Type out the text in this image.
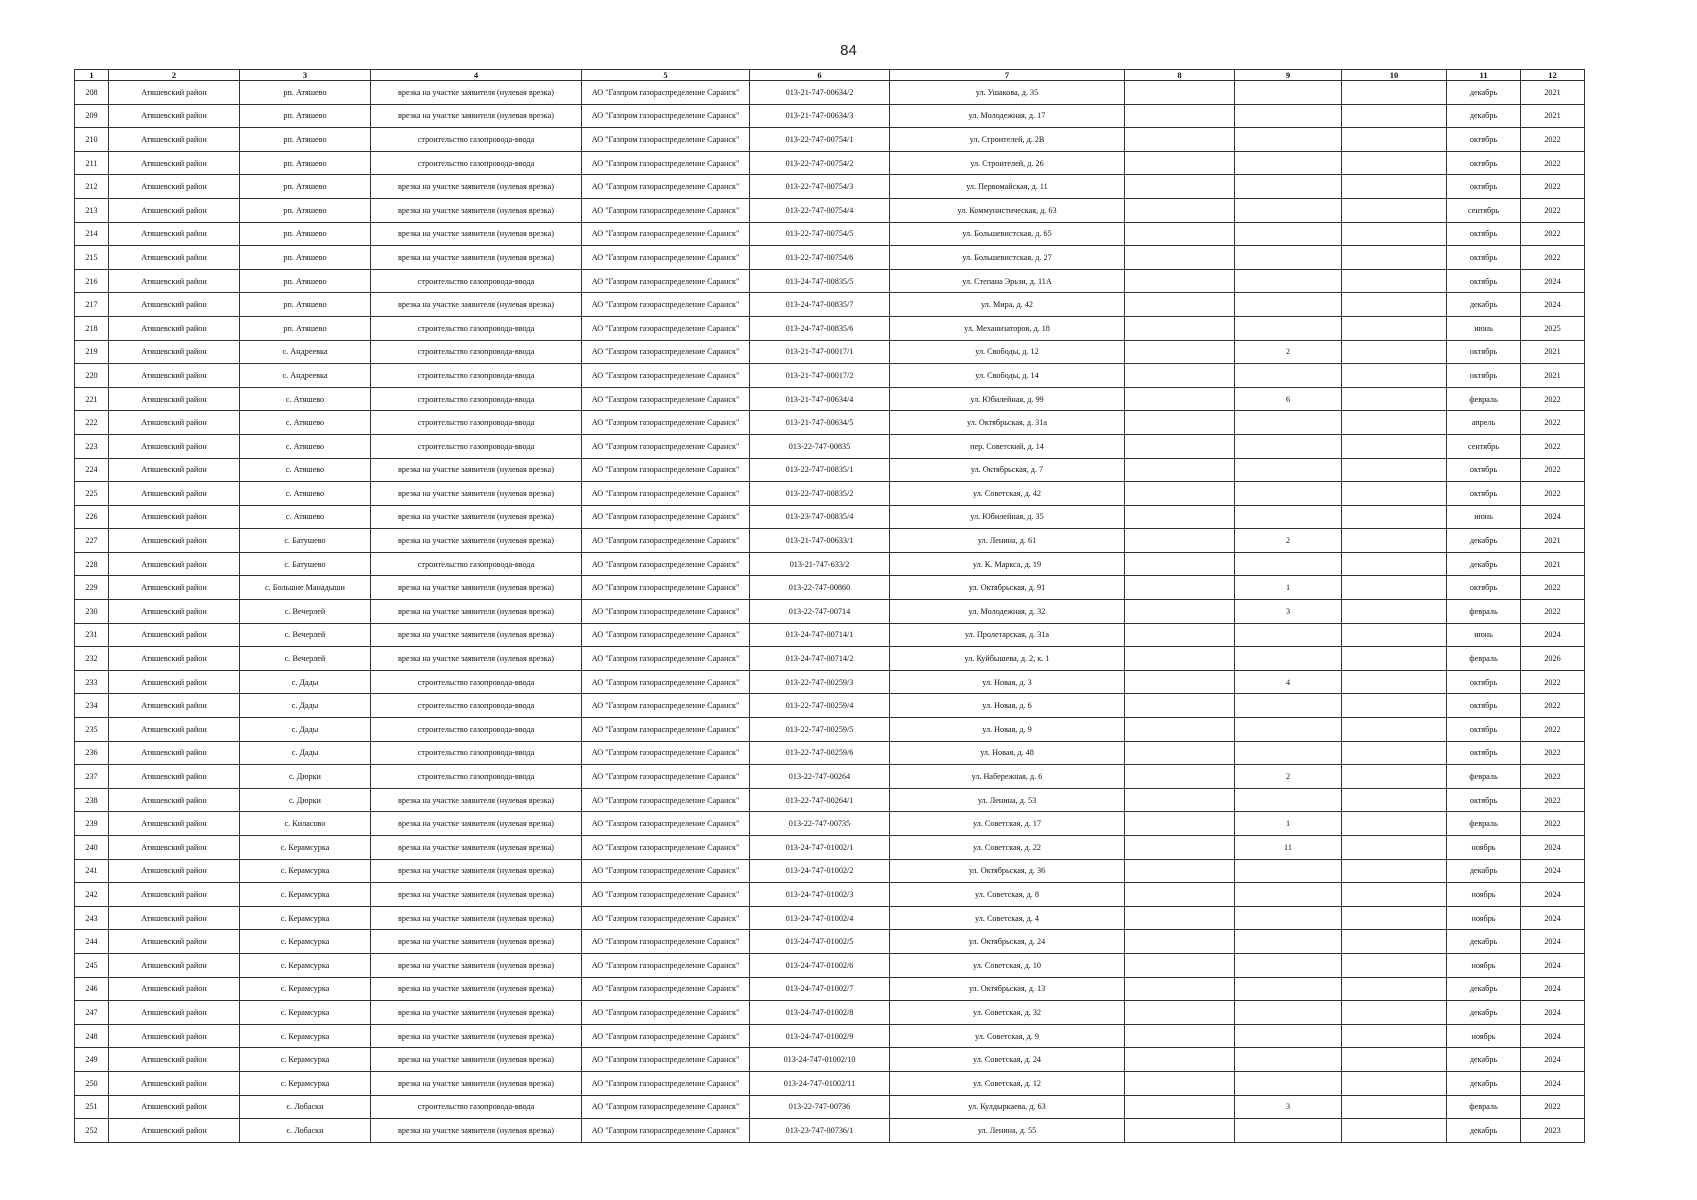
84
1	2	3	4	5	6	7	8	9	10	11	12
208	Атяшевский район	рп. Атяшево	врезка на участке заявителя (нулевая врезка)	АО "Газпром газораспределение Саранск"	013-21-747-00634/2	ул. Ушакова, д. 35				декабрь	2021
209	Атяшевский район	рп. Атяшево	врезка на участке заявителя (нулевая врезка)	АО "Газпром газораспределение Саранск"	013-21-747-00634/3	ул. Молодежная, д. 17				декабрь	2021
210	Атяшевский район	рп. Атяшево	строительство газопровода-ввода	АО "Газпром газораспределение Саранск"	013-22-747-00754/1	ул. Строителей, д. 2В				октябрь	2022
211	Атяшевский район	рп. Атяшево	строительство газопровода-ввода	АО "Газпром газораспределение Саранск"	013-22-747-00754/2	ул. Строителей, д. 26				октябрь	2022
212	Атяшевский район	рп. Атяшево	врезка на участке заявителя (нулевая врезка)	АО "Газпром газораспределение Саранск"	013-22-747-00754/3	ул. Первомайская, д. 11				октябрь	2022
213	Атяшевский район	рп. Атяшево	врезка на участке заявителя (нулевая врезка)	АО "Газпром газораспределение Саранск"	013-22-747-00754/4	ул. Коммунистическая, д. 63				сентябрь	2022
214	Атяшевский район	рп. Атяшево	врезка на участке заявителя (нулевая врезка)	АО "Газпром газораспределение Саранск"	013-22-747-00754/5	ул. Большевистская, д. 65				октябрь	2022
215	Атяшевский район	рп. Атяшево	врезка на участке заявителя (нулевая врезка)	АО "Газпром газораспределение Саранск"	013-22-747-00754/6	ул. Большевистская, д. 27				октябрь	2022
216	Атяшевский район	рп. Атяшево	строительство газопровода-ввода	АО "Газпром газораспределение Саранск"	013-24-747-00835/5	ул. Степана Эрьзи, д. 11А				октябрь	2024
217	Атяшевский район	рп. Атяшево	врезка на участке заявителя (нулевая врезка)	АО "Газпром газораспределение Саранск"	013-24-747-00835/7	ул. Мира, д. 42				декабрь	2024
218	Атяшевский район	рп. Атяшево	строительство газопровода-ввода	АО "Газпром газораспределение Саранск"	013-24-747-00835/6	ул. Механизаторов, д. 18				июнь	2025
219	Атяшевский район	с. Андреевка	строительство газопровода-ввода	АО "Газпром газораспределение Саранск"	013-21-747-00017/1	ул. Свободы, д. 12		2		октябрь	2021
220	Атяшевский район	с. Андреевка	строительство газопровода-ввода	АО "Газпром газораспределение Саранск"	013-21-747-00017/2	ул. Свободы, д. 14				октябрь	2021
221	Атяшевский район	с. Атяшево	строительство газопровода-ввода	АО "Газпром газораспределение Саранск"	013-21-747-00634/4	ул. Юбилейная, д. 99		6		февраль	2022
222	Атяшевский район	с. Атяшево	строительство газопровода-ввода	АО "Газпром газораспределение Саранск"	013-21-747-00634/5	ул. Октябрьская, д. 31а				апрель	2022
223	Атяшевский район	с. Атяшево	строительство газопровода-ввода	АО "Газпром газораспределение Саранск"	013-22-747-00835	пер. Советский, д. 14				сентябрь	2022
224	Атяшевский район	с. Атяшево	врезка на участке заявителя (нулевая врезка)	АО "Газпром газораспределение Саранск"	013-22-747-00835/1	ул. Октябрьская, д. 7				октябрь	2022
225	Атяшевский район	с. Атяшево	врезка на участке заявителя (нулевая врезка)	АО "Газпром газораспределение Саранск"	013-22-747-00835/2	ул. Советская, д. 42				октябрь	2022
226	Атяшевский район	с. Атяшево	врезка на участке заявителя (нулевая врезка)	АО "Газпром газораспределение Саранск"	013-23-747-00835/4	ул. Юбилейная, д. 35				июнь	2024
227	Атяшевский район	с. Батушево	врезка на участке заявителя (нулевая врезка)	АО "Газпром газораспределение Саранск"	013-21-747-00633/1	ул. Ленина, д. 61		2		декабрь	2021
228	Атяшевский район	с. Батушево	строительство газопровода-ввода	АО "Газпром газораспределение Саранск"	013-21-747-633/2	ул. К. Маркса, д. 19				декабрь	2021
229	Атяшевский район	с. Большие Манадыши	врезка на участке заявителя (нулевая врезка)	АО "Газпром газораспределение Саранск"	013-22-747-00860	ул. Октябрьская, д. 91		1		октябрь	2022
230	Атяшевский район	с. Вечерлей	врезка на участке заявителя (нулевая врезка)	АО "Газпром газораспределение Саранск"	013-22-747-00714	ул. Молодежная, д. 32		3		февраль	2022
231	Атяшевский район	с. Вечерлей	врезка на участке заявителя (нулевая врезка)	АО "Газпром газораспределение Саранск"	013-24-747-00714/1	ул. Пролетарская, д. 31а				июнь	2024
232	Атяшевский район	с. Вечерлей	врезка на участке заявителя (нулевая врезка)	АО "Газпром газораспределение Саранск"	013-24-747-00714/2	ул. Куйбышева, д. 2, к. 1				февраль	2026
233	Атяшевский район	с. Дады	строительство газопровода-ввода	АО "Газпром газораспределение Саранск"	013-22-747-00259/3	ул. Новая, д. 3		4		октябрь	2022
234	Атяшевский район	с. Дады	строительство газопровода-ввода	АО "Газпром газораспределение Саранск"	013-22-747-00259/4	ул. Новая, д. 6				октябрь	2022
235	Атяшевский район	с. Дады	строительство газопровода-ввода	АО "Газпром газораспределение Саранск"	013-22-747-00259/5	ул. Новая, д. 9				октябрь	2022
236	Атяшевский район	с. Дады	строительство газопровода-ввода	АО "Газпром газораспределение Саранск"	013-22-747-00259/6	ул. Новая, д. 48				октябрь	2022
237	Атяшевский район	с. Дюрки	строительство газопровода-ввода	АО "Газпром газораспределение Саранск"	013-22-747-00264	ул. Набережная, д. 6		2		февраль	2022
238	Атяшевский район	с. Дюрки	врезка на участке заявителя (нулевая врезка)	АО "Газпром газораспределение Саранск"	013-22-747-00264/1	ул. Ленина, д. 53				октябрь	2022
239	Атяшевский район	с. Киласово	врезка на участке заявителя (нулевая врезка)	АО "Газпром газораспределение Саранск"	013-22-747-00735	ул. Советская, д. 17		1		февраль	2022
240	Атяшевский район	с. Керамсурка	врезка на участке заявителя (нулевая врезка)	АО "Газпром газораспределение Саранск"	013-24-747-01002/1	ул. Советская, д. 22		11		ноябрь	2024
241	Атяшевский район	с. Керамсурка	врезка на участке заявителя (нулевая врезка)	АО "Газпром газораспределение Саранск"	013-24-747-01002/2	ул. Октябрьская, д. 36				декабрь	2024
242	Атяшевский район	с. Керамсурка	врезка на участке заявителя (нулевая врезка)	АО "Газпром газораспределение Саранск"	013-24-747-01002/3	ул. Советская, д. 8				ноябрь	2024
243	Атяшевский район	с. Керамсурка	врезка на участке заявителя (нулевая врезка)	АО "Газпром газораспределение Саранск"	013-24-747-01002/4	ул. Советская, д. 4				ноябрь	2024
244	Атяшевский район	с. Керамсурка	врезка на участке заявителя (нулевая врезка)	АО "Газпром газораспределение Саранск"	013-24-747-01002/5	ул. Октябрьская, д. 24				декабрь	2024
245	Атяшевский район	с. Керамсурка	врезка на участке заявителя (нулевая врезка)	АО "Газпром газораспределение Саранск"	013-24-747-01002/6	ул. Советская, д. 10				ноябрь	2024
246	Атяшевский район	с. Керамсурка	врезка на участке заявителя (нулевая врезка)	АО "Газпром газораспределение Саранск"	013-24-747-01002/7	ул. Октябрьская, д. 13				декабрь	2024
247	Атяшевский район	с. Керамсурка	врезка на участке заявителя (нулевая врезка)	АО "Газпром газораспределение Саранск"	013-24-747-01002/8	ул. Советская, д. 32				декабрь	2024
248	Атяшевский район	с. Керамсурка	врезка на участке заявителя (нулевая врезка)	АО "Газпром газораспределение Саранск"	013-24-747-01002/9	ул. Советская, д. 9				ноябрь	2024
249	Атяшевский район	с. Керамсурка	врезка на участке заявителя (нулевая врезка)	АО "Газпром газораспределение Саранск"	013-24-747-01002/10	ул. Советская, д. 24				декабрь	2024
250	Атяшевский район	с. Керамсурка	врезка на участке заявителя (нулевая врезка)	АО "Газпром газораспределение Саранск"	013-24-747-01002/11	ул. Советская, д. 12				декабрь	2024
251	Атяшевский район	с. Лобаски	строительство газопровода-ввода	АО "Газпром газораспределение Саранск"	013-22-747-00736	ул. Кулдыркаева, д. 63		3		февраль	2022
252	Атяшевский район	с. Лобаски	врезка на участке заявителя (нулевая врезка)	АО "Газпром газораспределение Саранск"	013-23-747-00736/1	ул. Ленина, д. 55				декабрь	2023
